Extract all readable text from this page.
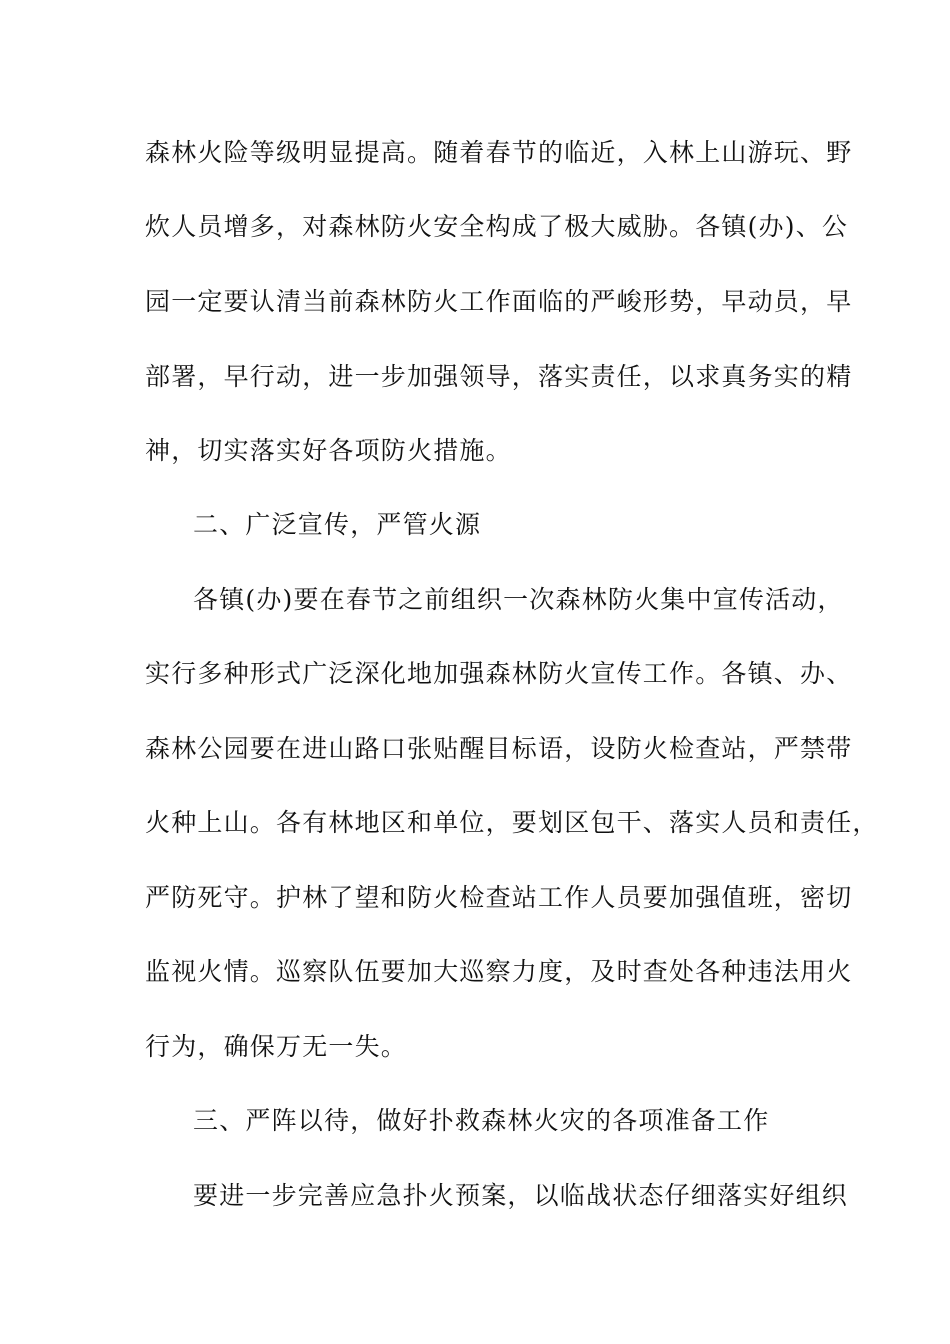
森林火险等级明显提高。随着春节的临近，入林上山游玩、野
炊人员增多，对森林防火安全构成了极大威胁。各镇(办)、公
园一定要认清当前森林防火工作面临的严峻形势，早动员，早
部署，早行动，进一步加强领导，落实责任，以求真务实的精
神，切实落实好各项防火措施。
二、广泛宣传，严管火源
各镇(办)要在春节之前组织一次森林防火集中宣传活动，
实行多种形式广泛深化地加强森林防火宣传工作。各镇、办、
森林公园要在进山路口张贴醒目标语，设防火检查站，严禁带
火种上山。各有林地区和单位，要划区包干、落实人员和责任，
严防死守。护林了望和防火检查站工作人员要加强值班，密切
监视火情。巡察队伍要加大巡察力度，及时查处各种违法用火
行为，确保万无一失。
三、严阵以待，做好扑救森林火灾的各项准备工作
要进一步完善应急扑火预案，以临战状态仔细落实好组织
